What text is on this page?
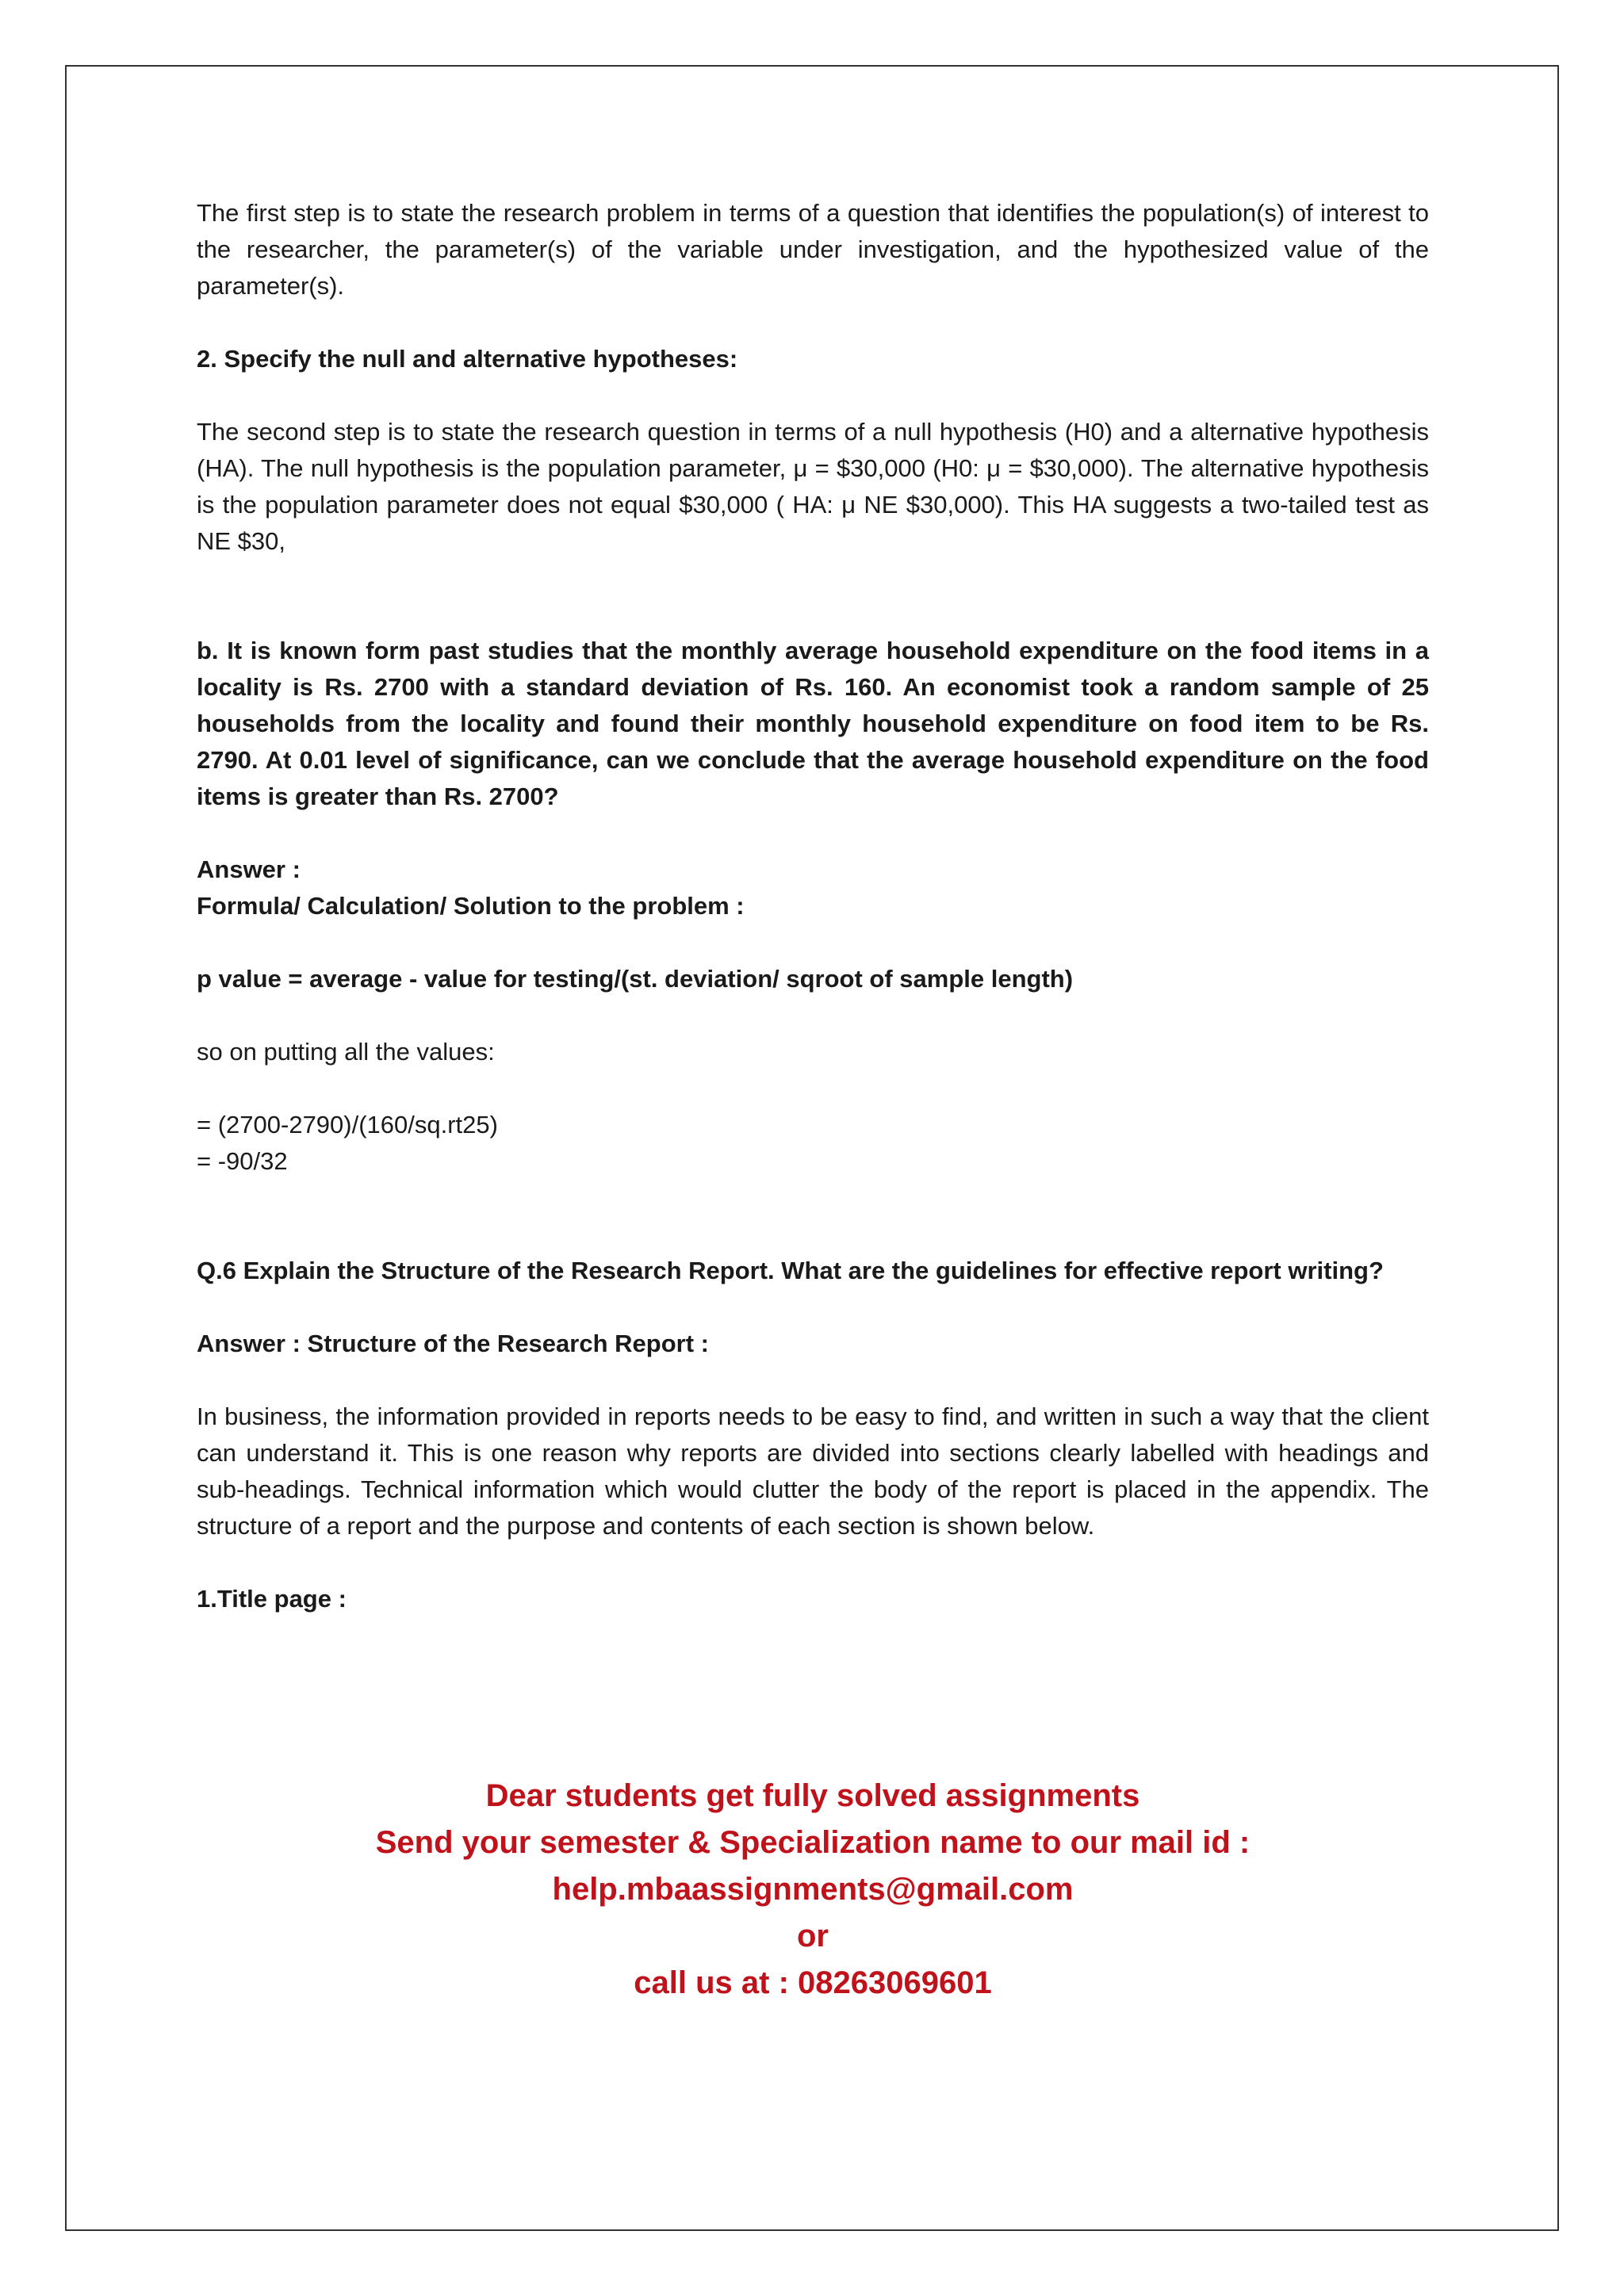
The first step is to state the research problem in terms of a question that identifies the population(s) of interest to the researcher, the parameter(s) of the variable under investigation, and the hypothesized value of the parameter(s).

2. Specify the null and alternative hypotheses:

The second step is to state the research question in terms of a null hypothesis (H0) and a alternative hypothesis (HA). The null hypothesis is the population parameter, μ = $30,000 (H0: μ = $30,000). The alternative hypothesis is the population parameter does not equal $30,000 ( HA: μ NE $30,000). This HA suggests a two-tailed test as NE $30,

b. It is known form past studies that the monthly average household expenditure on the food items in a locality is Rs. 2700 with a standard deviation of Rs. 160. An economist took a random sample of 25 households from the locality and found their monthly household expenditure on food item to be Rs. 2790. At 0.01 level of significance, can we conclude that the average household expenditure on the food items is greater than Rs. 2700?

Answer :

Formula/ Calculation/ Solution to the problem :

p value = average - value for testing/(st. deviation/ sqroot of sample length)

so on putting all the values:

= (2700-2790)/(160/sq.rt25)

= -90/32

Q.6 Explain the Structure of the Research Report. What are the guidelines for effective report writing?

Answer : Structure of the Research Report :

In business, the information provided in reports needs to be easy to find, and written in such a way that the client can understand it. This is one reason why reports are divided into sections clearly labelled with headings and sub-headings. Technical information which would clutter the body of the report is placed in the appendix. The structure of a report and the purpose and contents of each section is shown below.

1.Title page :

Dear students get fully solved assignments

Send your semester & Specialization name to our mail id :

help.mbaassignments@gmail.com

or

call us at : 08263069601
